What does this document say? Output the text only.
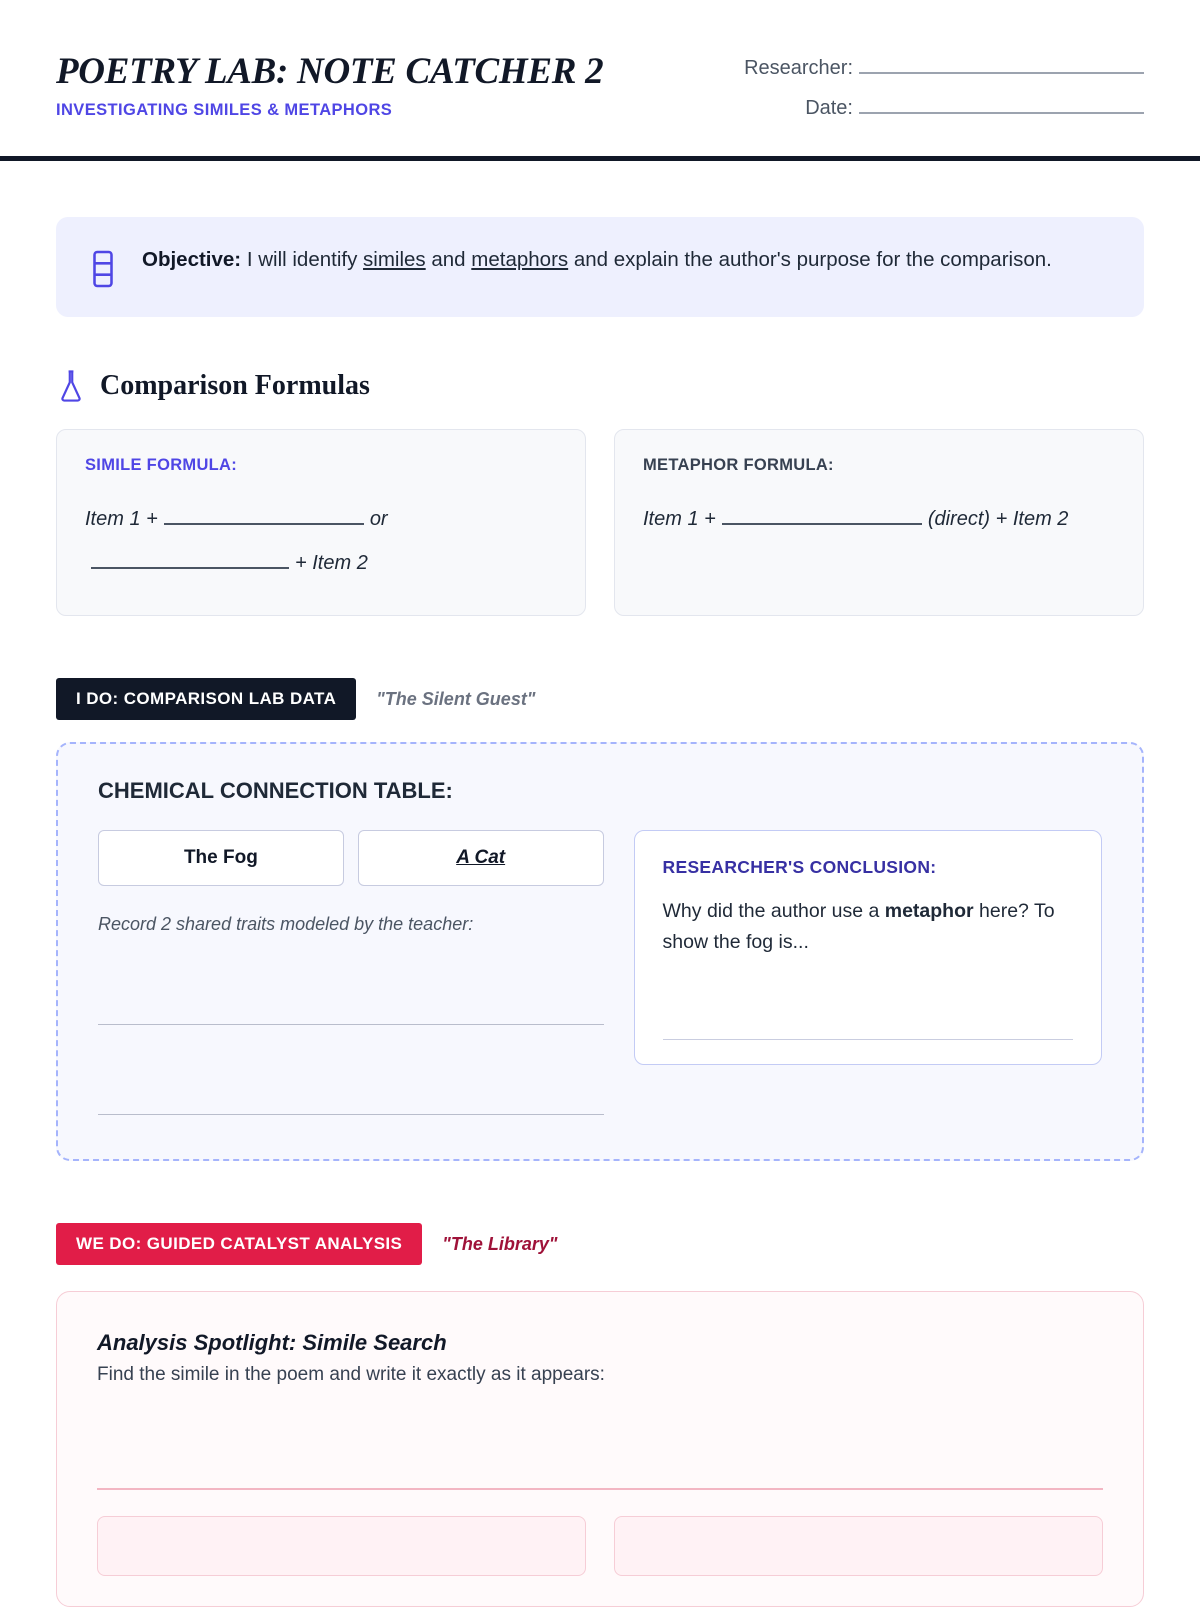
POETRY LAB: NOTE CATCHER 2
INVESTIGATING SIMILES & METAPHORS
Researcher:
Date:
Objective: I will identify similes and metaphors and explain the author's purpose for the comparison.
Comparison Formulas
SIMILE FORMULA:
Item 1 +	or
+ Item 2
METAPHOR FORMULA:
Item 1 +	(direct) + Item 2
I DO: COMPARISON LAB DATA	"The Silent Guest"
CHEMICAL CONNECTION TABLE:
The Fog	A Cat
Record 2 shared traits modeled by the teacher:
RESEARCHER'S CONCLUSION:
Why did the author use a metaphor here? To show the fog is...
WE DO: GUIDED CATALYST ANALYSIS	"The Library"
Analysis Spotlight: Simile Search
Find the simile in the poem and write it exactly as it appears:
